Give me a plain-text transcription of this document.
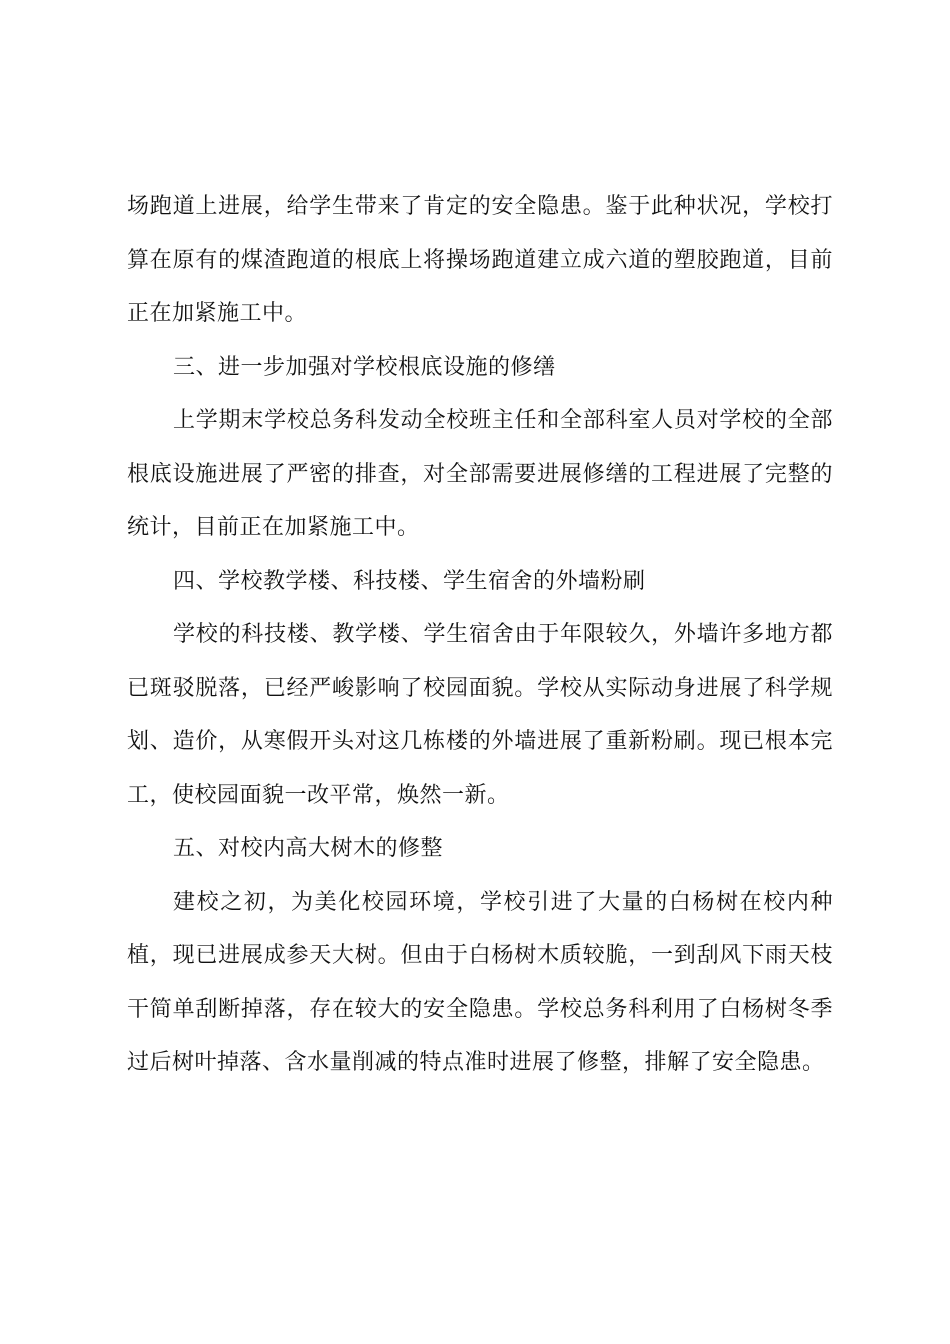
场跑道上进展，给学生带来了肯定的安全隐患。鉴于此种状况，学校打算在原有的煤渣跑道的根底上将操场跑道建立成六道的塑胶跑道，目前正在加紧施工中。

三、进一步加强对学校根底设施的修缮

上学期末学校总务科发动全校班主任和全部科室人员对学校的全部根底设施进展了严密的排查，对全部需要进展修缮的工程进展了完整的统计，目前正在加紧施工中。

四、学校教学楼、科技楼、学生宿舍的外墙粉刷

学校的科技楼、教学楼、学生宿舍由于年限较久，外墙许多地方都已斑驳脱落，已经严峻影响了校园面貌。学校从实际动身进展了科学规划、造价，从寒假开头对这几栋楼的外墙进展了重新粉刷。现已根本完工，使校园面貌一改平常，焕然一新。

五、对校内高大树木的修整

建校之初，为美化校园环境，学校引进了大量的白杨树在校内种植，现已进展成参天大树。但由于白杨树木质较脆，一到刮风下雨天枝干简单刮断掉落，存在较大的安全隐患。学校总务科利用了白杨树冬季过后树叶掉落、含水量削减的特点准时进展了修整，排解了安全隐患。
